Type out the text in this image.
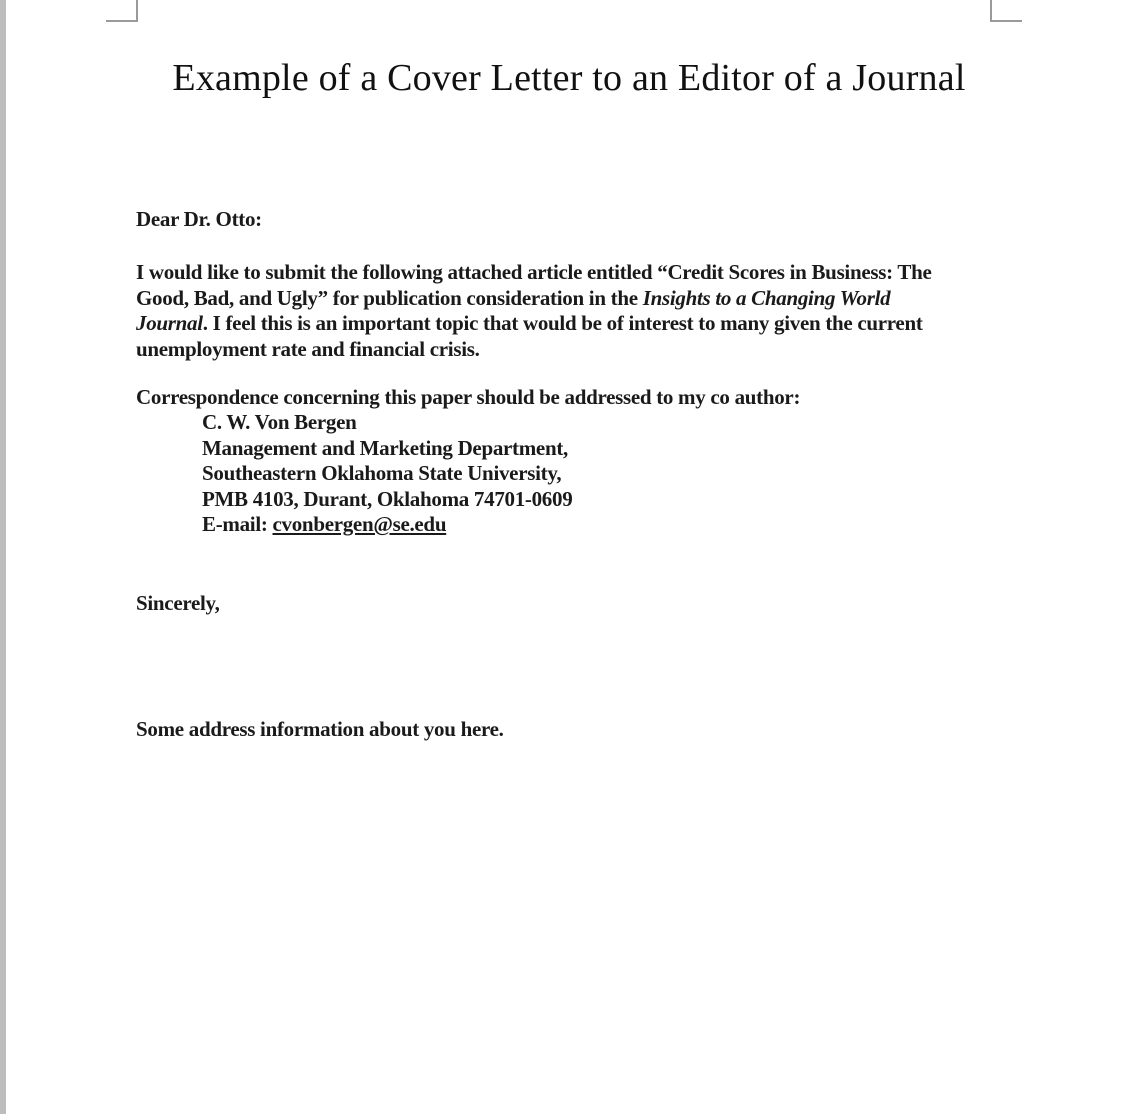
Example of a Cover Letter to an Editor of a Journal
Dear Dr. Otto:
I would like to submit the following attached article entitled “Credit Scores in Business: The Good, Bad, and Ugly” for publication consideration in the Insights to a Changing World Journal. I feel this is an important topic that would be of interest to many given the current unemployment rate and financial crisis.
Correspondence concerning this paper should be addressed to my co author:
C. W. Von Bergen
Management and Marketing Department,
Southeastern Oklahoma State University,
PMB 4103, Durant, Oklahoma 74701-0609
E-mail: cvonbergen@se.edu
Sincerely,
Some address information about you here.
